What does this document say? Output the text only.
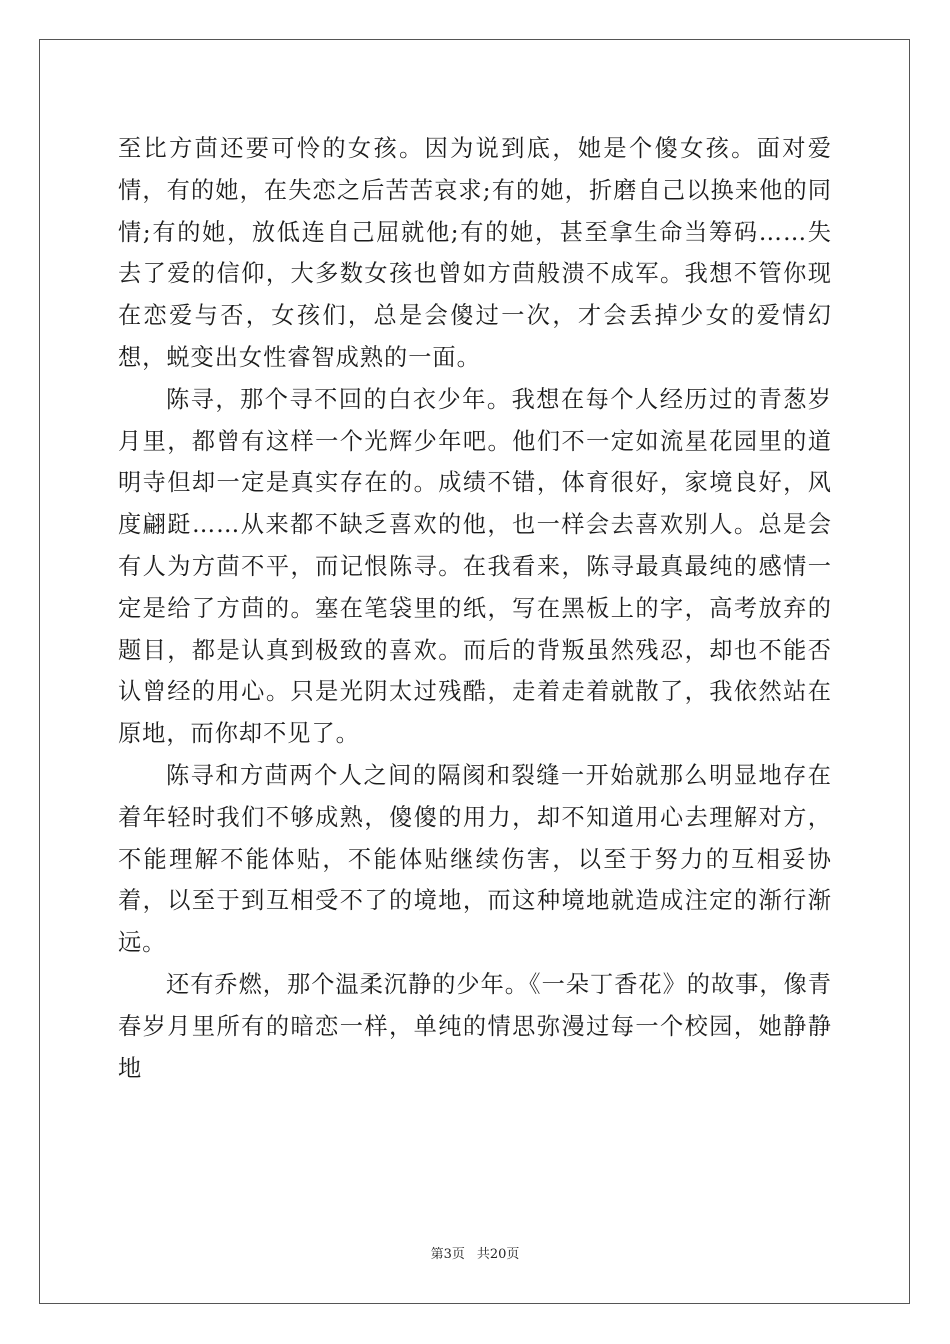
至比方茴还要可怜的女孩。因为说到底，她是个傻女孩。面对爱情，有的她，在失恋之后苦苦哀求;有的她，折磨自己以换来他的同情;有的她，放低连自己屈就他;有的她，甚至拿生命当筹码……失去了爱的信仰，大多数女孩也曾如方茴般溃不成军。我想不管你现在恋爱与否，女孩们，总是会傻过一次，才会丢掉少女的爱情幻想，蜕变出女性睿智成熟的一面。

陈寻，那个寻不回的白衣少年。我想在每个人经历过的青葱岁月里，都曾有这样一个光辉少年吧。他们不一定如流星花园里的道明寺但却一定是真实存在的。成绩不错，体育很好，家境良好，风度翩跹……从来都不缺乏喜欢的他，也一样会去喜欢别人。总是会有人为方茴不平，而记恨陈寻。在我看来，陈寻最真最纯的感情一定是给了方茴的。塞在笔袋里的纸，写在黑板上的字，高考放弃的题目，都是认真到极致的喜欢。而后的背叛虽然残忍，却也不能否认曾经的用心。只是光阴太过残酷，走着走着就散了，我依然站在原地，而你却不见了。

陈寻和方茴两个人之间的隔阂和裂缝一开始就那么明显地存在着年轻时我们不够成熟，傻傻的用力，却不知道用心去理解对方，不能理解不能体贴，不能体贴继续伤害，以至于努力的互相妥协着，以至于到互相受不了的境地，而这种境地就造成注定的渐行渐远。

还有乔燃，那个温柔沉静的少年。《一朵丁香花》的故事，像青春岁月里所有的暗恋一样，单纯的情思弥漫过每一个校园，她静静地

第3页 共20页
